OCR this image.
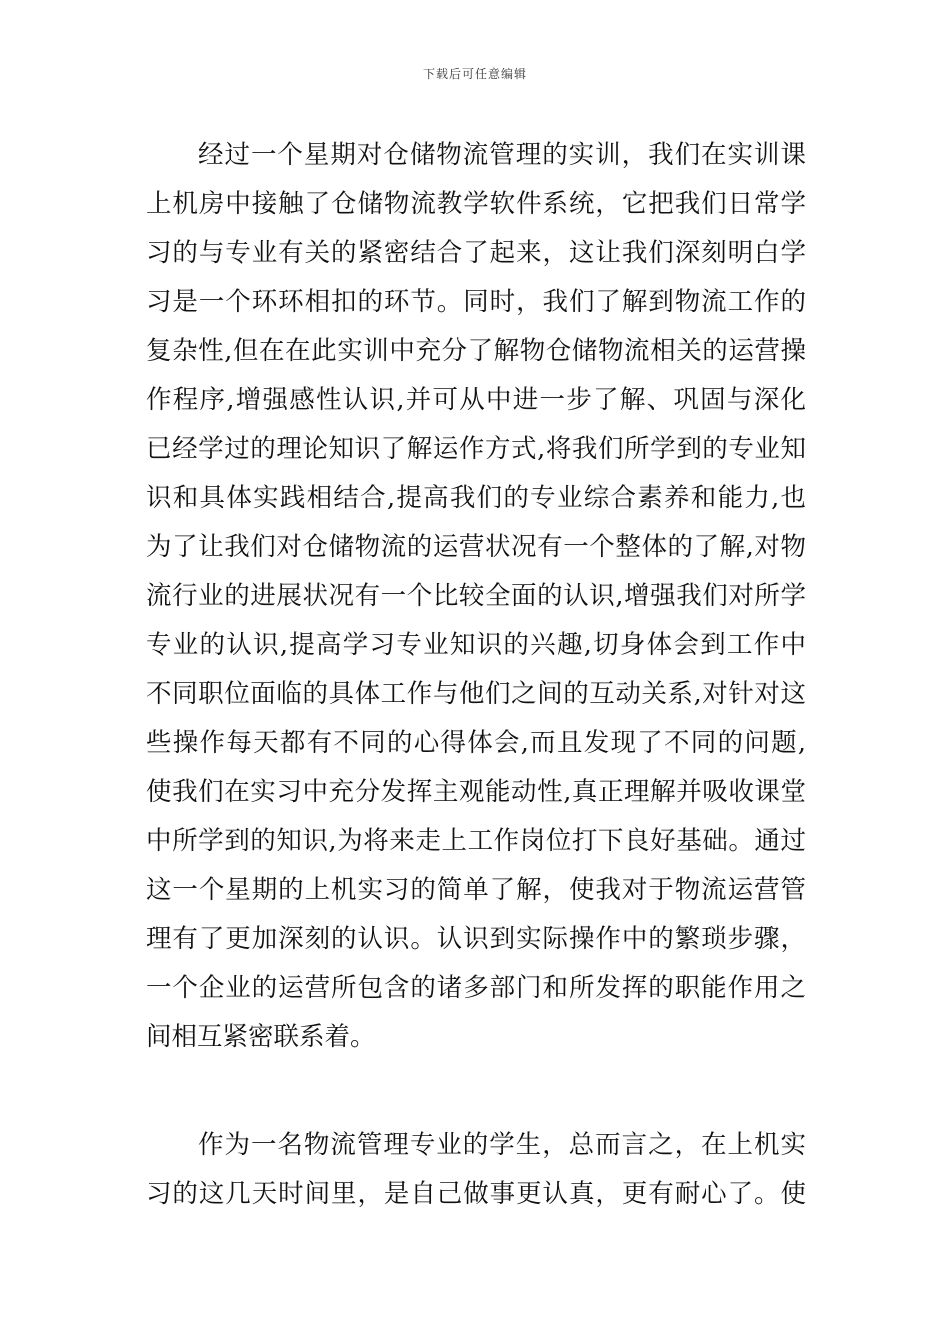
下载后可任意编辑
经过一个星期对仓储物流管理的实训，我们在实训课
上机房中接触了仓储物流教学软件系统，它把我们日常学
习的与专业有关的紧密结合了起来，这让我们深刻明白学
习是一个环环相扣的环节。同时，我们了解到物流工作的
复杂性,但在在此实训中充分了解物仓储物流相关的运营操
作程序,增强感性认识,并可从中进一步了解、巩固与深化
已经学过的理论知识了解运作方式,将我们所学到的专业知
识和具体实践相结合,提高我们的专业综合素养和能力,也
为了让我们对仓储物流的运营状况有一个整体的了解,对物
流行业的进展状况有一个比较全面的认识,增强我们对所学
专业的认识,提高学习专业知识的兴趣,切身体会到工作中
不同职位面临的具体工作与他们之间的互动关系,对针对这
些操作每天都有不同的心得体会,而且发现了不同的问题,
使我们在实习中充分发挥主观能动性,真正理解并吸收课堂
中所学到的知识,为将来走上工作岗位打下良好基础。通过
这一个星期的上机实习的简单了解，使我对于物流运营管
理有了更加深刻的认识。认识到实际操作中的繁琐步骤，
一个企业的运营所包含的诸多部门和所发挥的职能作用之
间相互紧密联系着。
作为一名物流管理专业的学生，总而言之，在上机实
习的这几天时间里，是自己做事更认真，更有耐心了。使
